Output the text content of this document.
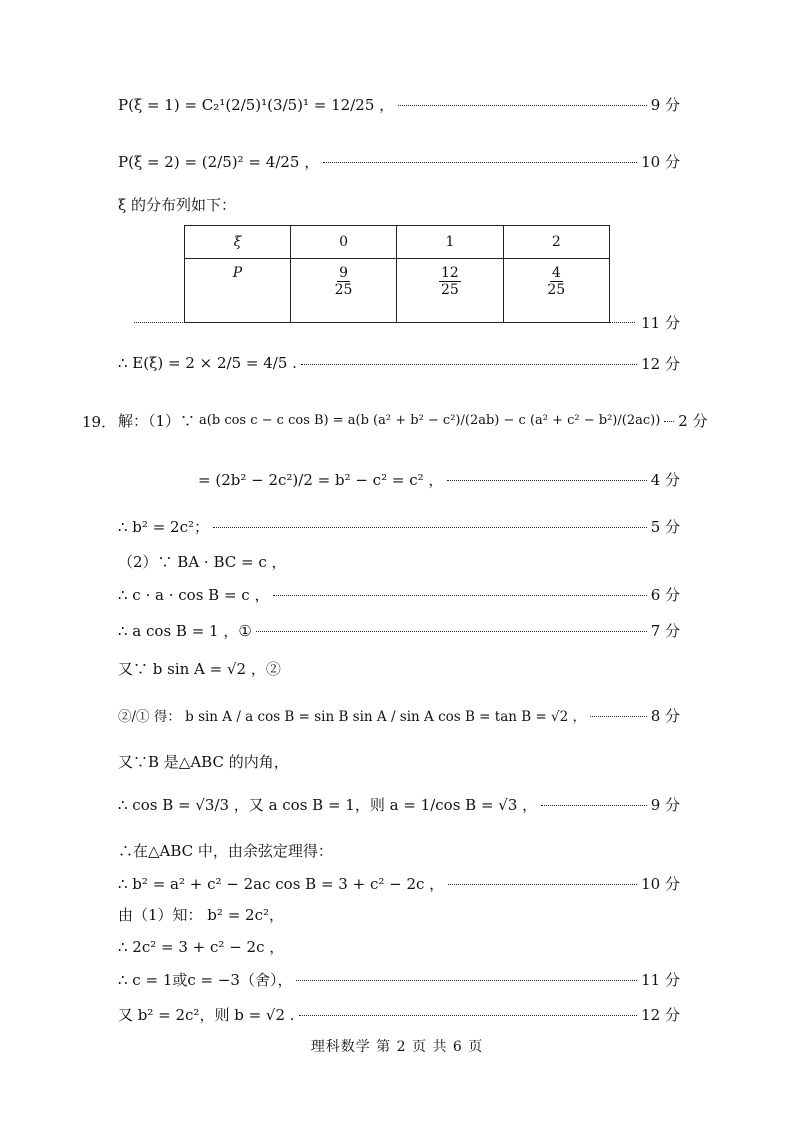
P(ξ = 1) = C₂¹(2/5)¹(3/5)¹ = 12/25 ，	9 分
P(ξ = 2) = (2/5)² = 4/25 ，	10 分
ξ 的分布列如下：
ξ	0	1	2
P	$\frac{9}{25}$	$\frac{12}{25}$	$\frac{4}{25}$
11 分
∴ E(ξ) = 2 × 2/5 = 4/5 .	12 分
19． 解：（1）∵ a(b cos c − c cos B) = a(b (a² + b² − c²)/(2ab) − c (a² + c² − b²)/(2ac)) 2 分
= (2b² − 2c²)/2 = b² − c² = c² ，	4 分
∴ b² = 2c²；	5 分
（2）∵ BA · BC = c ，
∴ c · a · cos B = c ，	6 分
∴ a cos B = 1 ，①	7 分
又∵ b sin A = √2 ，②
②/① 得： b sin A / a cos B = sin B sin A / sin A cos B = tan B = √2 ，	8 分
又∵B 是△ABC 的内角，
∴ cos B = √3/3 ，又 a cos B = 1，则 a = 1/cos B = √3 ，	9 分
∴在△ABC 中，由余弦定理得：
∴ b² = a² + c² − 2ac cos B = 3 + c² − 2c ，	10 分
由（1）知： b² = 2c²，
∴ 2c² = 3 + c² − 2c ，
∴ c = 1或c = −3（舍），	11 分
又 b² = 2c²，则 b = √2 .	12 分
理科数学 第 2 页 共 6 页
